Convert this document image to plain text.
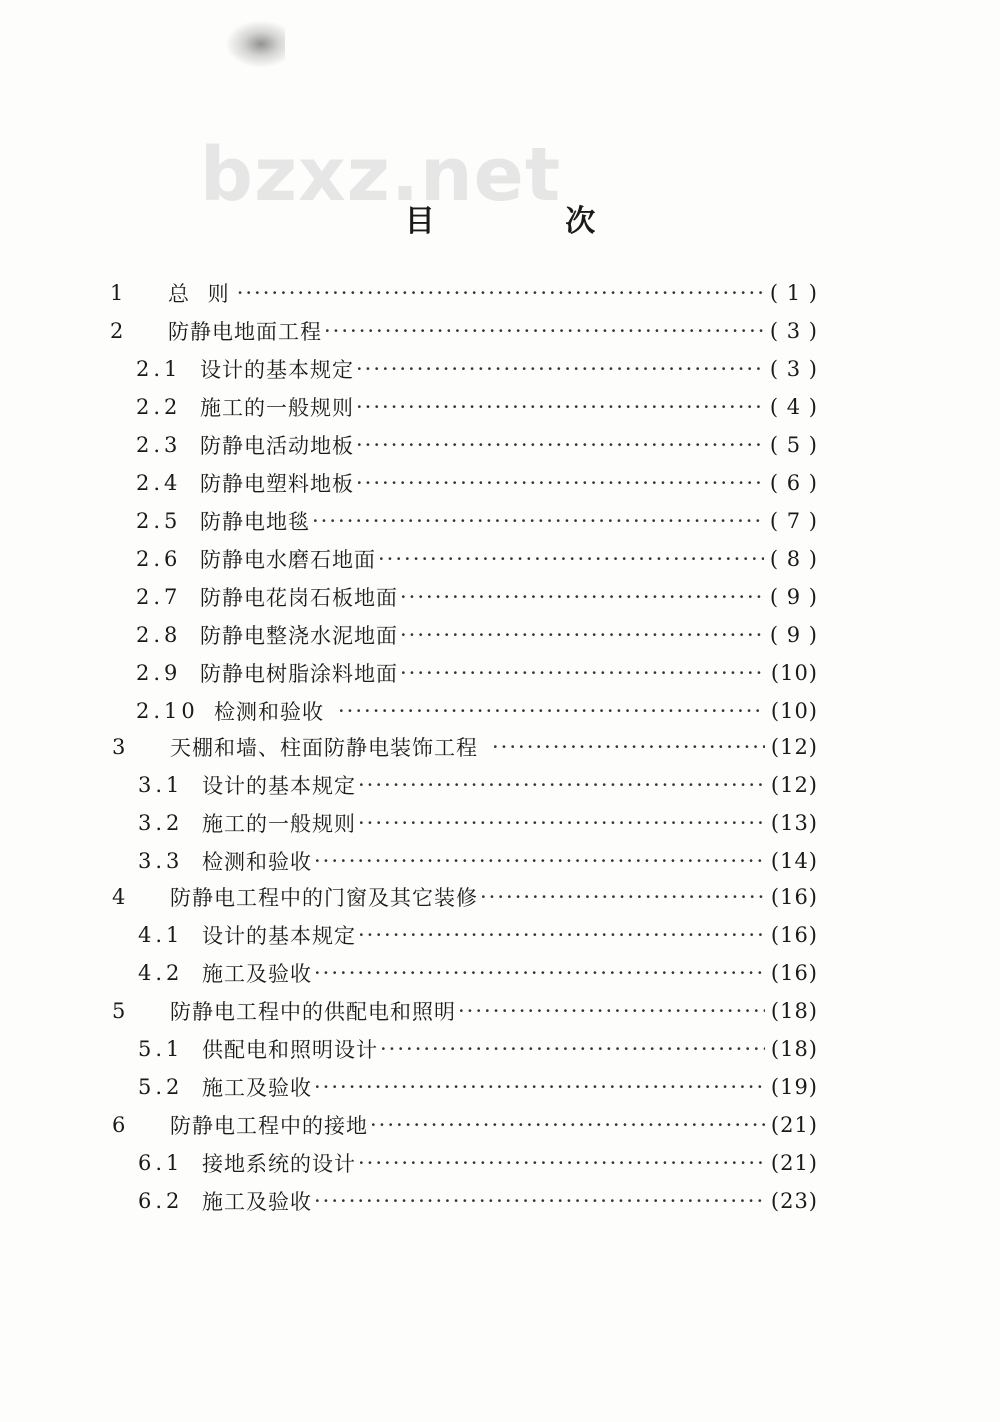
bzxz.net
目 次
1	总 则 ·····	( 1 )
2	防静电地面工程 ·····	( 3 )
2.1 设计的基本规定 ·····	( 3 )
2.2 施工的一般规则 ·····	( 4 )
2.3 防静电活动地板 ·····	( 5 )
2.4 防静电塑料地板 ·····	( 6 )
2.5 防静电地毯 ·····	( 7 )
2.6 防静电水磨石地面 ·····	( 8 )
2.7 防静电花岗石板地面 ·····	( 9 )
2.8 防静电整浇水泥地面 ·····	( 9 )
2.9 防静电树脂涂料地面 ·····	(10)
2.10 检测和验收 ·····	(10)
3	天棚和墙、柱面防静电装饰工程 ·····	(12)
3.1 设计的基本规定 ·····	(12)
3.2 施工的一般规则 ·····	(13)
3.3 检测和验收 ·····	(14)
4	防静电工程中的门窗及其它装修 ·····	(16)
4.1 设计的基本规定 ·····	(16)
4.2 施工及验收 ·····	(16)
5	防静电工程中的供配电和照明 ·····	(18)
5.1 供配电和照明设计 ·····	(18)
5.2 施工及验收 ·····	(19)
6	防静电工程中的接地 ·····	(21)
6.1 接地系统的设计 ·····	(21)
6.2 施工及验收 ·····	(23)
